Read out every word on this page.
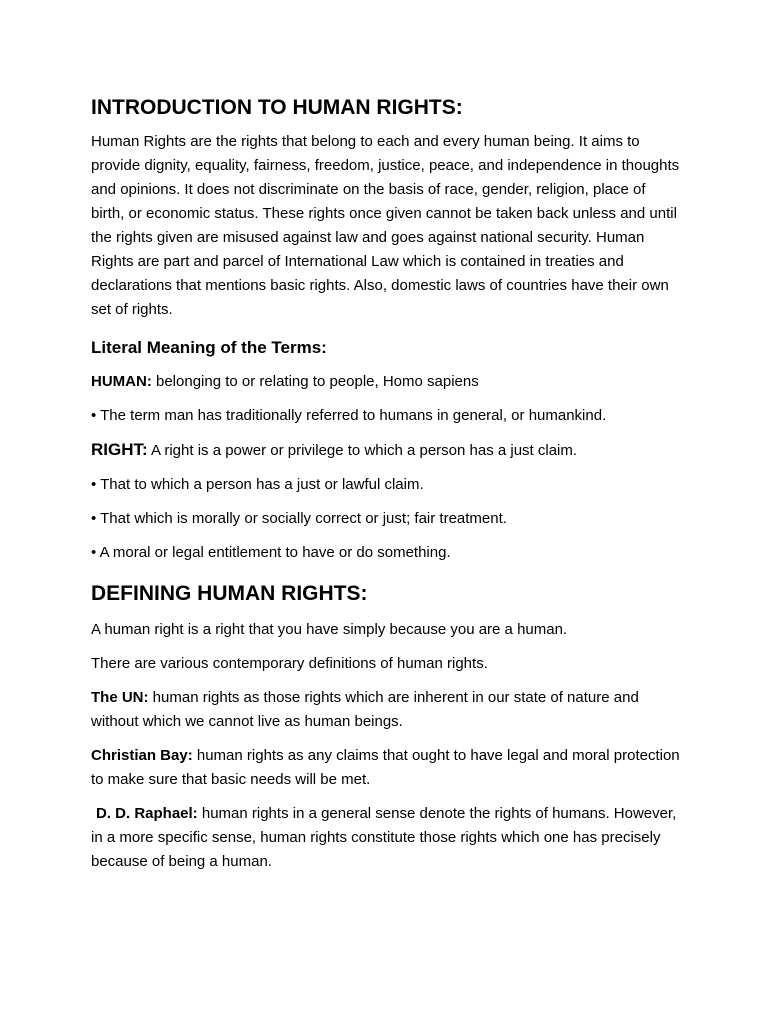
INTRODUCTION TO HUMAN RIGHTS:

Human Rights are the rights that belong to each and every human being. It aims to provide dignity, equality, fairness, freedom, justice, peace, and independence in thoughts and opinions. It does not discriminate on the basis of race, gender, religion, place of birth, or economic status. These rights once given cannot be taken back unless and until the rights given are misused against law and goes against national security. Human Rights are part and parcel of International Law which is contained in treaties and declarations that mentions basic rights. Also, domestic laws of countries have their own set of rights.

Literal Meaning of the Terms:

HUMAN: belonging to or relating to people, Homo sapiens

• The term man has traditionally referred to humans in general, or humankind.

RIGHT: A right is a power or privilege to which a person has a just claim.

• That to which a person has a just or lawful claim.

• That which is morally or socially correct or just; fair treatment.

• A moral or legal entitlement to have or do something.

DEFINING HUMAN RIGHTS:

A human right is a right that you have simply because you are a human.

There are various contemporary definitions of human rights.

The UN: human rights as those rights which are inherent in our state of nature and without which we cannot live as human beings.

Christian Bay: human rights as any claims that ought to have legal and moral protection to make sure that basic needs will be met.

D. D. Raphael: human rights in a general sense denote the rights of humans. However, in a more specific sense, human rights constitute those rights which one has precisely because of being a human.
